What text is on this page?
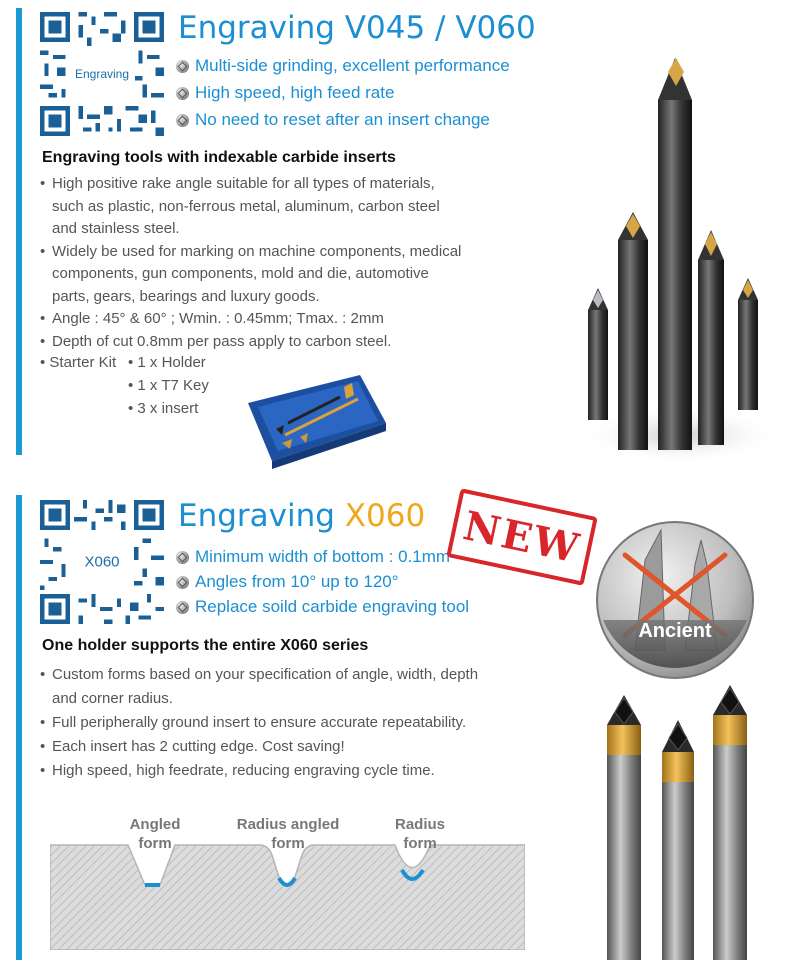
Engraving
Engraving V045 / V060
Multi-side grinding, excellent performance
High speed, high feed rate
No need to reset after an insert change
Engraving tools with indexable carbide inserts
• High positive rake angle suitable for all types of materials,
such as plastic, non-ferrous metal, aluminum, carbon steel
and stainless steel.
• Widely be used for marking on machine components, medical
components, gun components, mold and die, automotive
parts, gears, bearings and luxury goods.
• Angle : 45° & 60° ; Wmin. : 0.45mm; Tmax. : 2mm
• Depth of cut 0.8mm per pass apply to carbon steel.
• Starter Kit • 1 x Holder
• 1 x T7 Key
• 3 x insert
X060
Engraving X060
Minimum width of bottom : 0.1mm
Angles from 10° up to 120°
Replace soild carbide engraving tool
NEW
Ancient
One holder supports the entire X060 series
• Custom forms based on your specification of angle, width, depth
and corner radius.
• Full peripherally ground insert to ensure accurate repeatability.
• Each insert has 2 cutting edge. Cost saving!
• High speed, high feedrate, reducing engraving cycle time.
Angled
form
Radius angled
form
Radius
form
